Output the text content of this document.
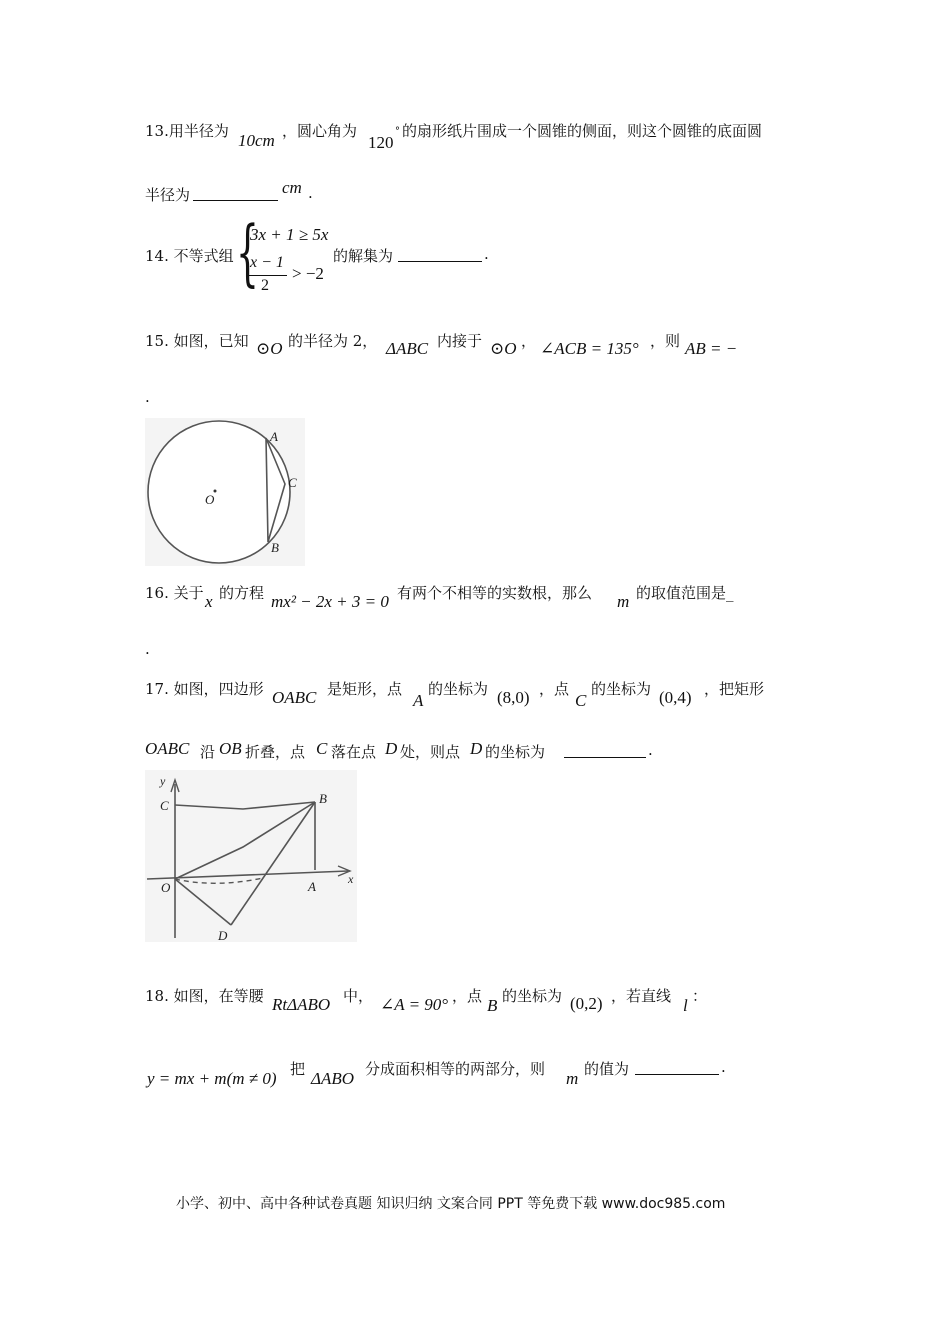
13.用半径为 10cm ，圆心角为
120
° 的扇形纸片围成一个圆锥的侧面，则这个圆锥的底面圆
半径为	cm .
14. 不等式组 {
3x + 1 ≥ 5x
x − 1
2
> −2
的解集为	.
15. 如图，已知 ⊙O 的半径为 2， ΔABC 内接于 ⊙O ， ∠ACB = 135° ，则 AB = −
.
A
C
B
O
16. 关于 x 的方程 mx² − 2x + 3 = 0 有两个不相等的实数根，那么 m 的取值范围是_
.
17. 如图，四边形 OABC 是矩形，点
A
的坐标为 (8,0) ，点
C
的坐标为 (0,4) ，把矩形
OABC 沿 OB 折叠，点 C 落在点 D 处，则点 D 的坐标为	.
y
C	B
O	A	x
D
18. 如图，在等腰 RtΔABO 中， ∠A = 90° ，点 B 的坐标为 (0,2) ，若直线 l ：
y = mx + m(m ≠ 0) 把 ΔABO 分成面积相等的两部分，则 m 的值为	.
小学、初中、高中各种试卷真题 知识归纳 文案合同 PPT 等免费下载 www.doc985.com
